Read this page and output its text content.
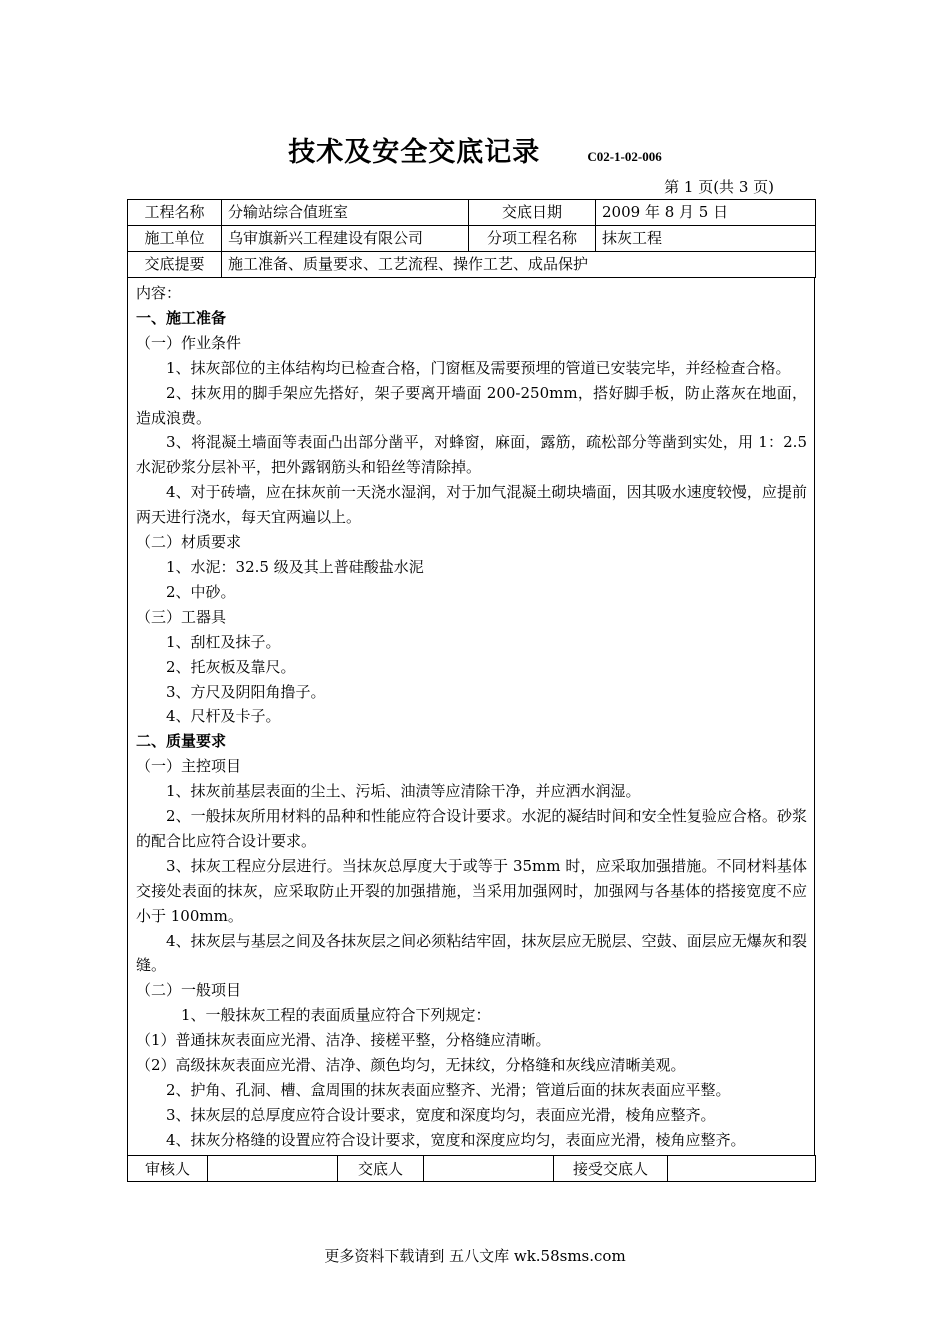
技术及安全交底记录	C02-1-02-006
第 1 页(共 3 页)
工程名称	分输站综合值班室	交底日期	2009 年 8 月 5 日
施工单位	乌审旗新兴工程建设有限公司	分项工程名称	抹灰工程
交底提要	施工准备、质量要求、工艺流程、操作工艺、成品保护		

内容：

一、施工准备

（一）作业条件

1、抹灰部位的主体结构均已检查合格，门窗框及需要预埋的管道已安装完毕，并经检查合格。

2、抹灰用的脚手架应先搭好，架子要离开墙面 200-250mm，搭好脚手板，防止落灰在地面，造成浪费。

3、将混凝土墙面等表面凸出部分凿平，对蜂窗，麻面，露筋，疏松部分等凿到实处，用 1：2.5 水泥砂浆分层补平，把外露钢筋头和铅丝等清除掉。

4、对于砖墙，应在抹灰前一天浇水湿润，对于加气混凝土砌块墙面，因其吸水速度较慢，应提前两天进行浇水，每天宜两遍以上。

（二）材质要求

1、水泥：32.5 级及其上普硅酸盐水泥

2、中砂。

（三）工器具

1、刮杠及抹子。

2、托灰板及靠尺。

3、方尺及阴阳角撸子。

4、尺杆及卡子。

二、质量要求

（一）主控项目

1、抹灰前基层表面的尘土、污垢、油渍等应清除干净，并应洒水润湿。

2、一般抹灰所用材料的品种和性能应符合设计要求。水泥的凝结时间和安全性复验应合格。砂浆的配合比应符合设计要求。

3、抹灰工程应分层进行。当抹灰总厚度大于或等于 35mm 时，应采取加强措施。不同材料基体交接处表面的抹灰，应采取防止开裂的加强措施，当采用加强网时，加强网与各基体的搭接宽度不应小于 100mm。

4、抹灰层与基层之间及各抹灰层之间必须粘结牢固，抹灰层应无脱层、空鼓、面层应无爆灰和裂缝。

（二）一般项目

1、一般抹灰工程的表面质量应符合下列规定：

（1）普通抹灰表面应光滑、洁净、接槎平整，分格缝应清晰。

（2）高级抹灰表面应光滑、洁净、颜色均匀，无抹纹，分格缝和灰线应清晰美观。

2、护角、孔洞、槽、盒周围的抹灰表面应整齐、光滑；管道后面的抹灰表面应平整。

3、抹灰层的总厚度应符合设计要求，宽度和深度均匀，表面应光滑，棱角应整齐。

4、抹灰分格缝的设置应符合设计要求，宽度和深度应均匀，表面应光滑，棱角应整齐。

审核人		交底人		接受交底人	
更多资料下载请到 五八文库 wk.58sms.com
